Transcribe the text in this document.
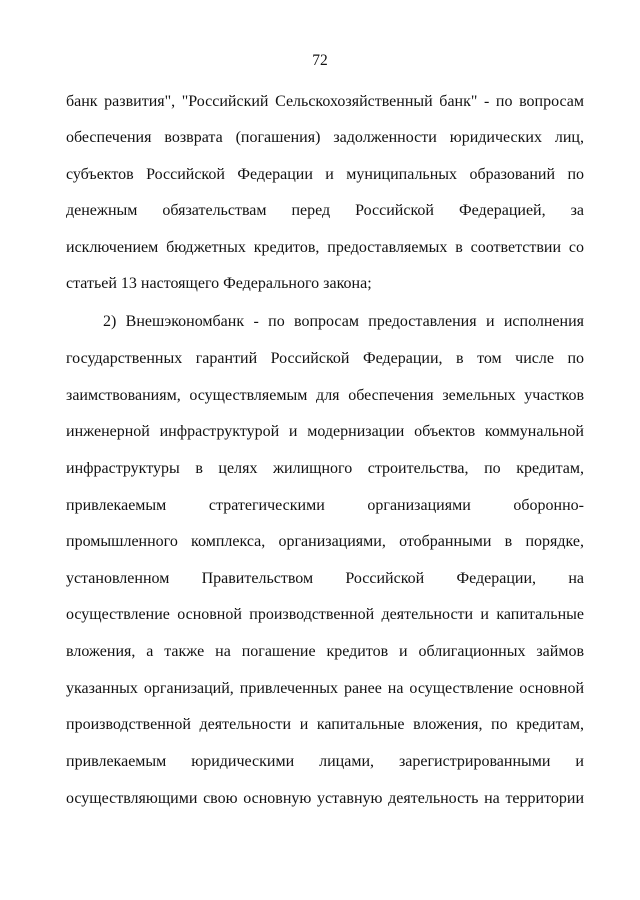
72
банк развития", "Российский Сельскохозяйственный банк" - по вопросам
обеспечения возврата (погашения) задолженности юридических лиц,
субъектов Российской Федерации и муниципальных образований по
денежным обязательствам перед Российской Федерацией, за
исключением бюджетных кредитов, предоставляемых в соответствии со
статьей 13 настоящего Федерального закона;
2) Внешэкономбанк - по вопросам предоставления и исполнения
государственных гарантий Российской Федерации, в том числе по
заимствованиям, осуществляемым для обеспечения земельных участков
инженерной инфраструктурой и модернизации объектов коммунальной
инфраструктуры в целях жилищного строительства, по кредитам,
привлекаемым стратегическими организациями оборонно-
промышленного комплекса, организациями, отобранными в порядке,
установленном Правительством Российской Федерации, на
осуществление основной производственной деятельности и капитальные
вложения, а также на погашение кредитов и облигационных займов
указанных организаций, привлеченных ранее на осуществление основной
производственной деятельности и капитальные вложения, по кредитам,
привлекаемым юридическими лицами, зарегистрированными и
осуществляющими свою основную уставную деятельность на территории
